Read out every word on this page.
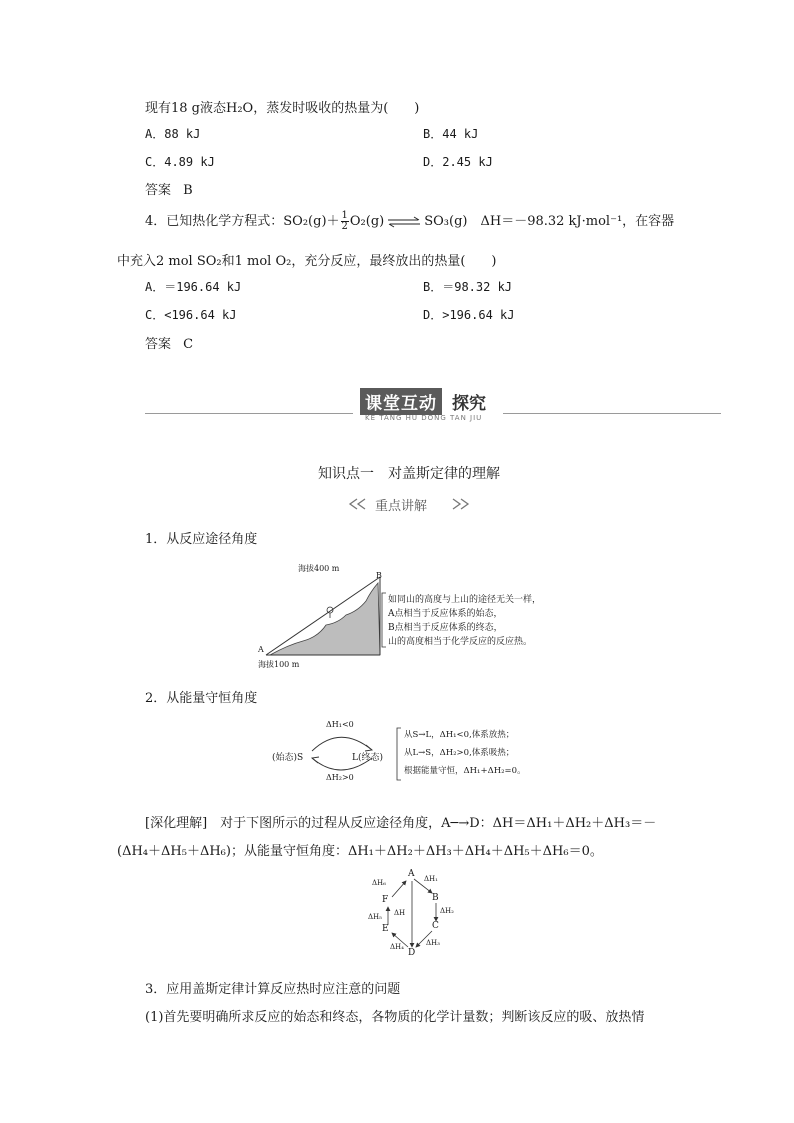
现有18 g液态H₂O，蒸发时吸收的热量为(　　)
A．88 kJ	B．44 kJ
C．4.89 kJ	D．2.45 kJ
答案 B
4．已知热化学方程式：$SO_2(g)+ \frac{1}{2} O_2(g)$ ⇌ SO₃(g)　ΔH＝－98.32 kJ·mol⁻¹，在容器
中充入2 mol SO₂和1 mol O₂，充分反应，最终放出的热量(　　)
A．＝196.64 kJ	B．＝98.32 kJ
C．<196.64 kJ	D．>196.64 kJ
答案 C
课堂互动 探究
KE TANG HU DONG TAN JIU
知识点一　对盖斯定律的理解
重点讲解
1．从反应途径角度
海拔400 m
海拔100 m
A
B
如同山的高度与上山的途径无关一样，
A点相当于反应体系的始态，
B点相当于反应体系的终态，
山的高度相当于化学反应的反应热。
2．从能量守恒角度
ΔH₁<0
ΔH₂>0
(始态)S	L(终态)
从S→L，ΔH₁<0,体系放热；
从L→S，ΔH₂>0,体系吸热；
根据能量守恒，ΔH₁+ΔH₂=0。
[深化理解]　对于下图所示的过程从反应途径角度，A─→D：ΔH＝ΔH₁＋ΔH₂＋ΔH₃＝－
(ΔH₄＋ΔH₅＋ΔH₆)；从能量守恒角度：ΔH₁＋ΔH₂＋ΔH₃＋ΔH₄＋ΔH₅＋ΔH₆＝0。
A
B
C
D
E
F
ΔH₁
ΔH₂
ΔH₃
ΔH₄
ΔH₅
ΔH₆
ΔH
3．应用盖斯定律计算反应热时应注意的问题
(1)首先要明确所求反应的始态和终态，各物质的化学计量数；判断该反应的吸、放热情
